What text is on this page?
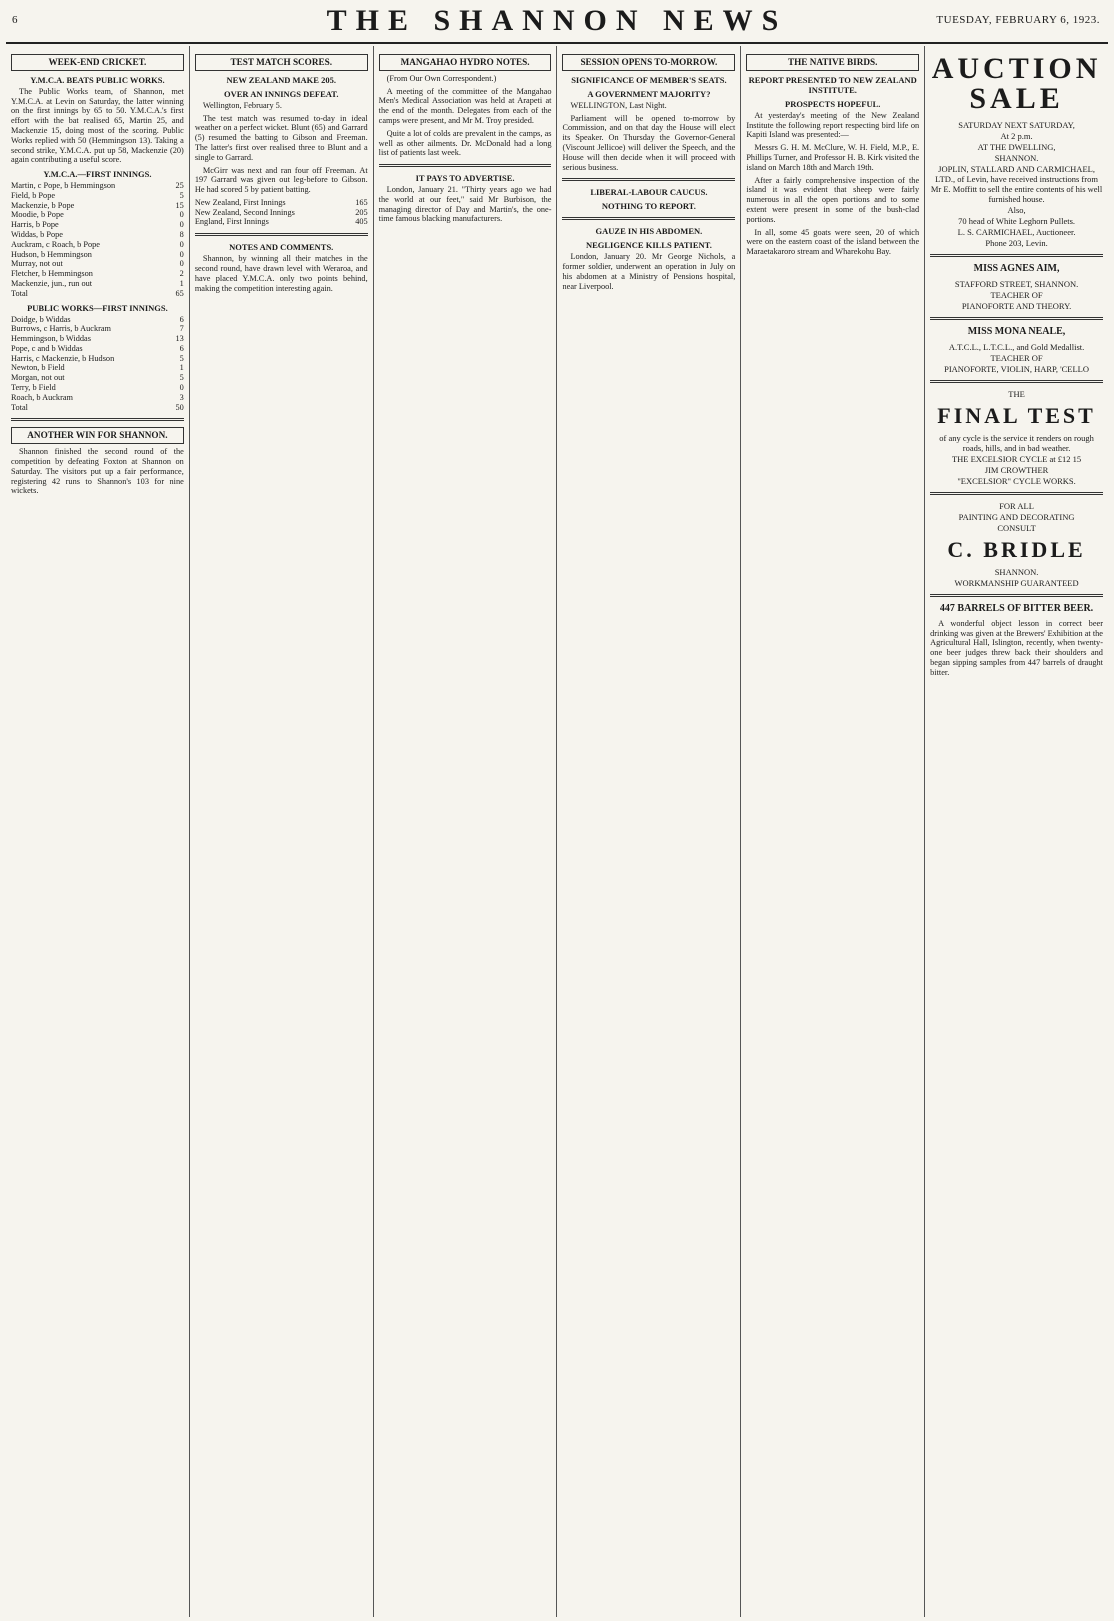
6	THE SHANNON NEWS	TUESDAY, FEBRUARY 6, 1923.
WEEK-END CRICKET.
Y.M.C.A. BEATS PUBLIC WORKS.

The Public Works team, of Shannon, met Y.M.C.A. at Levin on Saturday, the latter winning on the first innings by 65 to 50. Y.M.C.A.'s first effort with the bat realised 65, Martin 25, and Mackenzie 15, doing most of the scoring. Public Works replied with 50 (Hemmingson 13). Taking a second strike, Y.M.C.A. put up 58, Mackenzie (20) again contributing a useful score.

Y.M.C.A.—FIRST INNINGS.
Martin, c Pope, b Hemmingson	25
Field, b Pope	5
Mackenzie, b Pope	15
Moodie, b Pope	0
Harris, b Pope	0
Widdas, b Pope	8
Auckram, c Roach, b Pope	0
Hudson, b Hemmingson	0
Murray, not out	0
Fletcher, b Hemmingson	2
Mackenzie, jun., run out	1
Total	65
PUBLIC WORKS—FIRST INNINGS.
Doidge, b Widdas	6
Burrows, c Harris, b Auckram	7
Hemmingson, b Widdas	13
Pope, c and b Widdas	6
Harris, c Mackenzie, b Hudson	5
Newton, b Field	1
Morgan, not out	5
Terry, b Field	0
Roach, b Auckram	3
Total	50
ANOTHER WIN FOR SHANNON.

Shannon finished the second round of the competition by defeating Foxton at Shannon on Saturday. The visitors put up a fair performance, registering 42 runs to Shannon's 103 for nine wickets.

TEST MATCH SCORES.
NEW ZEALAND MAKE 205.
OVER AN INNINGS DEFEAT.

Wellington, February 5.

The test match was resumed to-day in ideal weather on a perfect wicket. Blunt (65) and Garrard (5) resumed the batting to Gibson and Freeman. The latter's first over realised three to Blunt and a single to Garrard.

McGirr was next and ran four off Freeman. At 197 Garrard was given out leg-before to Gibson. He had scored 5 by patient batting.

New Zealand, First Innings	165
New Zealand, Second Innings	205
England, First Innings	405
NOTES AND COMMENTS.

Shannon, by winning all their matches in the second round, have drawn level with Weraroa, and have placed Y.M.C.A. only two points behind, making the competition interesting again.

MANGAHAO HYDRO NOTES.

(From Our Own Correspondent.)

A meeting of the committee of the Mangahao Men's Medical Association was held at Arapeti at the end of the month. Delegates from each of the camps were present, and Mr M. Troy presided.

Quite a lot of colds are prevalent in the camps, as well as other ailments. Dr. McDonald had a long list of patients last week.

IT PAYS TO ADVERTISE.

London, January 21. "Thirty years ago we had the world at our feet," said Mr Burbison, the managing director of Day and Martin's, the one-time famous blacking manufacturers.

SESSION OPENS TO-MORROW.
SIGNIFICANCE OF MEMBER'S SEATS.
A GOVERNMENT MAJORITY?

WELLINGTON, Last Night.

Parliament will be opened to-morrow by Commission, and on that day the House will elect its Speaker. On Thursday the Governor-General (Viscount Jellicoe) will deliver the Speech, and the House will then decide when it will proceed with serious business.

LIBERAL-LABOUR CAUCUS.
NOTHING TO REPORT.
GAUZE IN HIS ABDOMEN.
NEGLIGENCE KILLS PATIENT.

London, January 20. Mr George Nichols, a former soldier, underwent an operation in July on his abdomen at a Ministry of Pensions hospital, near Liverpool.

THE NATIVE BIRDS.
REPORT PRESENTED TO NEW ZEALAND INSTITUTE.
PROSPECTS HOPEFUL.

At yesterday's meeting of the New Zealand Institute the following report respecting bird life on Kapiti Island was presented:—

Messrs G. H. M. McClure, W. H. Field, M.P., E. Phillips Turner, and Professor H. B. Kirk visited the island on March 18th and March 19th.

After a fairly comprehensive inspection of the island it was evident that sheep were fairly numerous in all the open portions and to some extent were present in some of the bush-clad portions.

In all, some 45 goats were seen, 20 of which were on the eastern coast of the island between the Maraetakaroro stream and Wharekohu Bay.

AUCTION SALE
SATURDAY NEXT SATURDAY,
At 2 p.m.
AT THE DWELLING,
SHANNON.
JOPLIN, STALLARD AND CARMICHAEL, LTD., of Levin, have received instructions from Mr E. Moffitt to sell the entire contents of his well furnished house.
Also,
70 head of White Leghorn Pullets.
L. S. CARMICHAEL, Auctioneer.
Phone 203, Levin.
MISS AGNES AIM,
STAFFORD STREET, SHANNON.
TEACHER OF
PIANOFORTE AND THEORY.
MISS MONA NEALE,
A.T.C.L., L.T.C.L., and Gold Medallist.
TEACHER OF
PIANOFORTE, VIOLIN, HARP, 'CELLO
THE
FINAL TEST
of any cycle is the service it renders on rough roads, hills, and in bad weather.
THE EXCELSIOR CYCLE at £12 15
JIM CROWTHER
"EXCELSIOR" CYCLE WORKS.
FOR ALL
PAINTING AND DECORATING
CONSULT
C. BRIDLE
SHANNON.
WORKMANSHIP GUARANTEED
447 BARRELS OF BITTER BEER.

A wonderful object lesson in correct beer drinking was given at the Brewers' Exhibition at the Agricultural Hall, Islington, recently, when twenty-one beer judges threw back their shoulders and began sipping samples from 447 barrels of draught bitter.
